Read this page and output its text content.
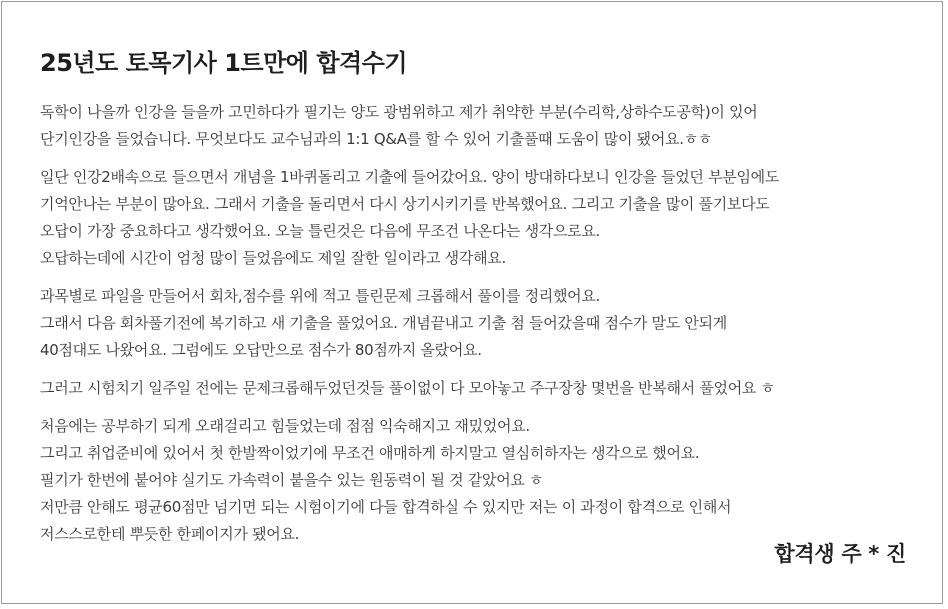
25년도 토목기사 1트만에 합격수기

독학이 나을까 인강을 들을까 고민하다가 필기는 양도 광범위하고 제가 취약한 부분(수리학,상하수도공학)이 있어
단기인강을 들었습니다. 무엇보다도 교수님과의 1:1 Q&A를 할 수 있어 기출풀때 도움이 많이 됐어요.ㅎㅎ

일단 인강2배속으로 들으면서 개념을 1바퀴돌리고 기출에 들어갔어요. 양이 방대하다보니 인강을 들었던 부분임에도
기억안나는 부분이 많아요. 그래서 기출을 돌리면서 다시 상기시키기를 반복했어요. 그리고 기출을 많이 풀기보다도
오답이 가장 중요하다고 생각했어요. 오늘 틀린것은 다음에 무조건 나온다는 생각으로요.
오답하는데에 시간이 엄청 많이 들었음에도 제일 잘한 일이라고 생각해요.

과목별로 파일을 만들어서 회차,점수를 위에 적고 틀린문제 크롭해서 풀이를 정리했어요.
그래서 다음 회차풀기전에 복기하고 새 기출을 풀었어요. 개념끝내고 기출 첨 들어갔을때 점수가 말도 안되게
40점대도 나왔어요. 그럼에도 오답만으로 점수가 80점까지 올랐어요.

그러고 시험치기 일주일 전에는 문제크롭해두었던것들 풀이없이 다 모아놓고 주구장창 몇번을 반복해서 풀었어요 ㅎ

처음에는 공부하기 되게 오래걸리고 힘들었는데 점점 익숙해지고 재밌었어요.
그리고 취업준비에 있어서 첫 한발짝이었기에 무조건 애매하게 하지말고 열심히하자는 생각으로 했어요.
필기가 한번에 붙어야 실기도 가속력이 붙을수 있는 원동력이 될 것 같았어요 ㅎ
저만큼 안해도 평균60점만 넘기면 되는 시험이기에 다들 합격하실 수 있지만 저는 이 과정이 합격으로 인해서
저스스로한테 뿌듯한 한페이지가 됐어요.

합격생 주 * 진
